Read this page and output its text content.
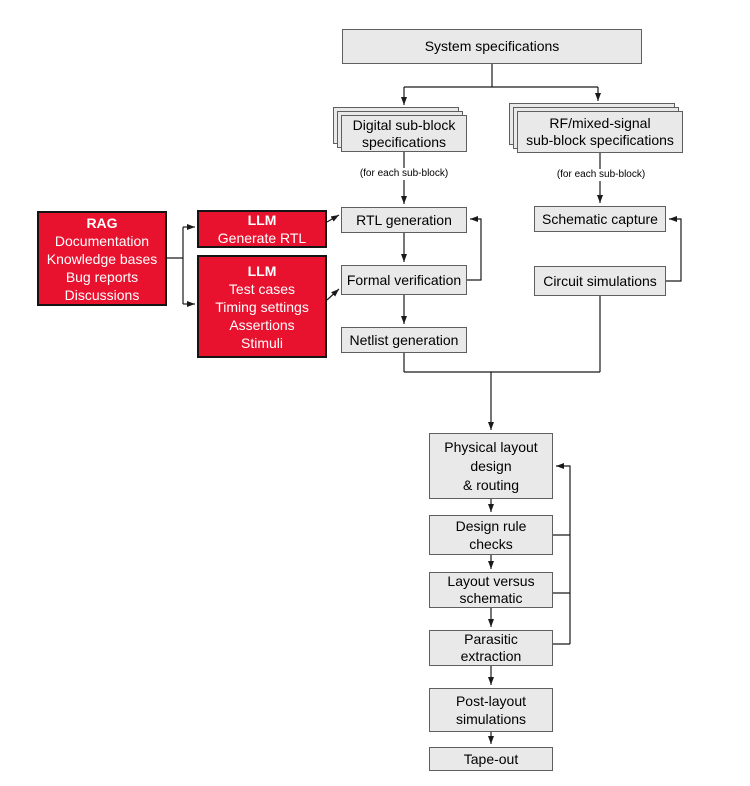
System specifications
Digital sub-block
specifications
RF/mixed-signal
sub-block specifications
(for each sub-block)	(for each sub-block)
RAG
Documentation
Knowledge bases
Bug reports
Discussions
LLM
Generate RTL
LLM
Test cases
Timing settings
Assertions
Stimuli
RTL generation
Formal verification
Netlist generation
Schematic capture
Circuit simulations
Physical layout
design
& routing
Design rule
checks
Layout versus
schematic
Parasitic
extraction
Post-layout
simulations
Tape-out
